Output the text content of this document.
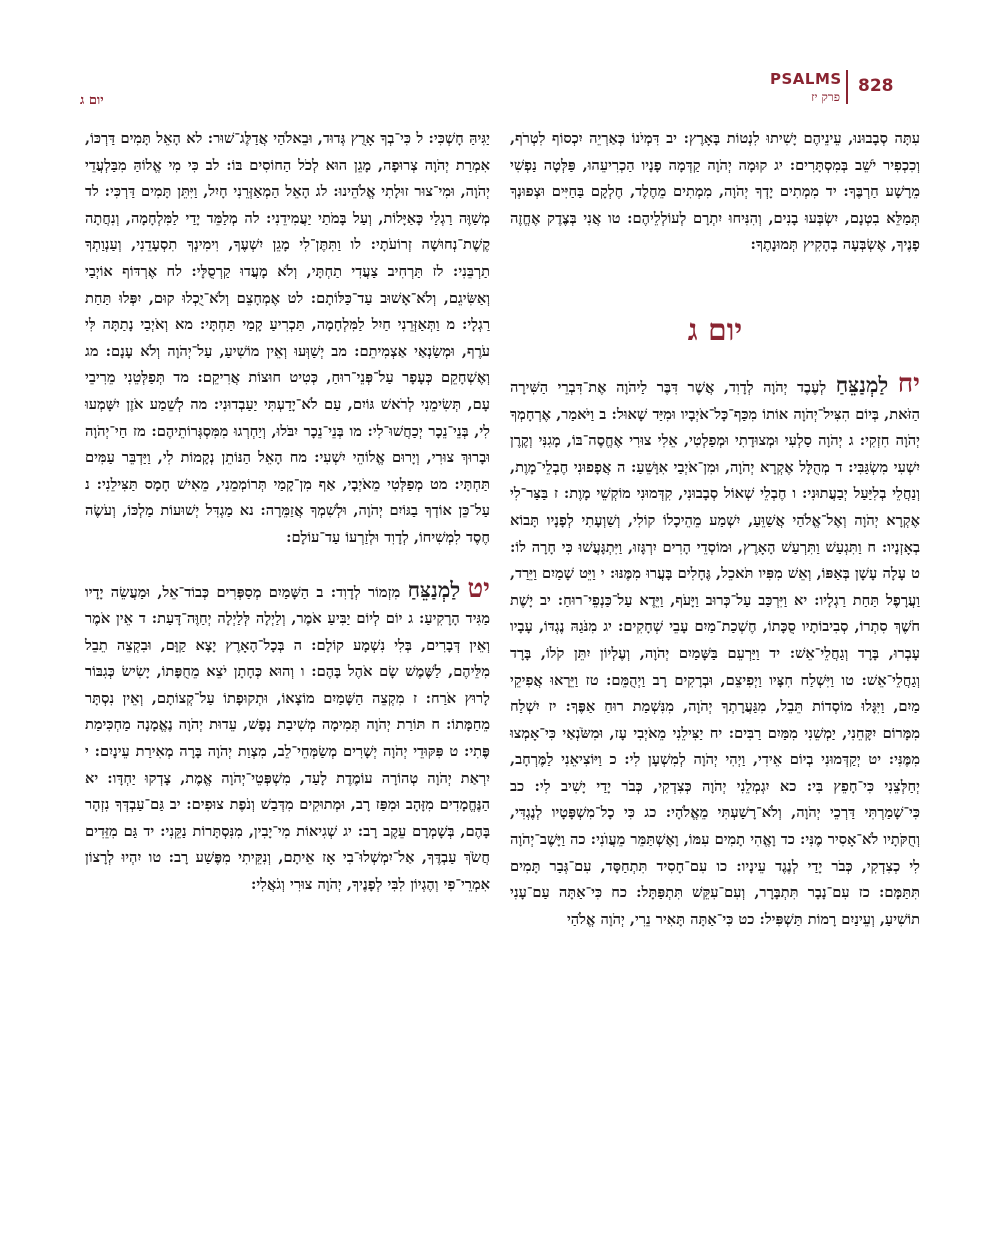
828
PSALMS
פרק יז
יום ג

עִתָּה סְבָבוּנוּ, עֵינֵיהֶם יָשִׁיתוּ לִנְטוֹת בָּאָרֶץ: יב דִּמְיֹנוֹ כְּאַרְיֵה יִכְסוֹף לִטְרֹף, וְכִכְפִיר יֹשֵׁב בְּמִסְתָּרִים: יג קוּמָה יְהֹוָה קַדְּמָה פָנָיו הַכְרִיעֵהוּ, פַּלְּטָה נַפְשִׁי מֵרָשָׁע חַרְבֶּךָ: יד מִמְתִים יָדְךָ יְהֹוָה, מִמְתִים מֵחֶלֶד, חֶלְקָם בַּחַיִּים וּצְפוּנְךָ תְּמַלֵּא בִטְנָם, יִשְׂבְּעוּ בָנִים, וְהִנִּיחוּ יִתְרָם לְעוֹלְלֵיהֶם: טו אֲנִי בְּצֶדֶק אֶחֱזֶה פָנֶיךָ, אֶשְׂבְּעָה בְהָקִיץ תְּמוּנָתֶךָ:

יום ג

יח לַמְנַצֵּחַ לְעֶבֶד יְהֹוָה לְדָוִד, אֲשֶׁר דִּבֶּר לַיהֹוָה אֶת־דִּבְרֵי הַשִּׁירָה הַזֹּאת, בְּיוֹם הִצִּיל־יְהֹוָה אוֹתוֹ מִכַּף־כָּל־אֹיְבָיו וּמִיַּד שָׁאוּל: ב וַיֹּאמַר, אֶרְחָמְךָ יְהֹוָה חִזְקִי: ג יְהֹוָה סַלְעִי וּמְצוּדָתִי וּמְפַלְטִי, אֵלִי צוּרִי אֶחֱסֶה־בּוֹ, מָגִנִּי וְקֶרֶן יִשְׁעִי מִשְׂגַּבִּי: ד מְהֻלָּל אֶקְרָא יְהֹוָה, וּמִן־אֹיְבַי אִוָּשֵׁעַ: ה אֲפָפוּנִי חֶבְלֵי־מָוֶת, וְנַחֲלֵי בְלִיַּעַל יְבַעֲתוּנִי: ו חֶבְלֵי שְׁאוֹל סְבָבוּנִי, קִדְּמוּנִי מוֹקְשֵׁי מָוֶת: ז בַּצַּר־לִי אֶקְרָא יְהֹוָה וְאֶל־אֱלֹהַי אֲשַׁוֵּעַ, יִשְׁמַע מֵהֵיכָלוֹ קוֹלִי, וְשַׁוְעָתִי לְפָנָיו תָּבוֹא בְאָזְנָיו: ח וַתִּגְעַשׁ וַתִּרְעַשׁ הָאָרֶץ, וּמוֹסְדֵי הָרִים יִרְגָּזוּ, וַיִּתְגָּעֲשׁוּ כִּי חָרָה לוֹ: ט עָלָה עָשָׁן בְּאַפּוֹ, וְאֵשׁ מִפִּיו תֹּאכֵל, גֶּחָלִים בָּעֲרוּ מִמֶּנּוּ: י וַיֵּט שָׁמַיִם וַיֵּרַד, וַעֲרָפֶל תַּחַת רַגְלָיו: יא וַיִּרְכַּב עַל־כְּרוּב וַיָּעֹף, וַיֵּדֶא עַל־כַּנְפֵי־רוּחַ: יב יָשֶׁת חֹשֶׁךְ סִתְרוֹ, סְבִיבוֹתָיו סֻכָּתוֹ, חֶשְׁכַת־מַיִם עָבֵי שְׁחָקִים: יג מִנֹּגַהּ נֶגְדּוֹ, עָבָיו עָבְרוּ, בָּרָד וְגַחֲלֵי־אֵשׁ: יד וַיַּרְעֵם בַּשָּׁמַיִם יְהֹוָה, וְעֶלְיוֹן יִתֵּן קֹלוֹ, בָּרָד וְגַחֲלֵי־אֵשׁ: טו וַיִּשְׁלַח חִצָּיו וַיְפִיצֵם, וּבְרָקִים רָב וַיְהֻמֵּם: טז וַיֵּרָאוּ אֲפִיקֵי מַיִם, וַיִּגָּלוּ מוֹסְדוֹת תֵּבֵל, מִגַּעֲרָתְךָ יְהֹוָה, מִנִּשְׁמַת רוּחַ אַפֶּךָ: יז יִשְׁלַח מִמָּרוֹם יִקָּחֵנִי, יַמְשֵׁנִי מִמַּיִם רַבִּים: יח יַצִּילֵנִי מֵאֹיְבִי עָז, וּמִשֹּׂנְאַי כִּי־אָמְצוּ מִמֶּנִּי: יט יְקַדְּמוּנִי בְיוֹם אֵידִי, וַיְהִי יְהֹוָה לְמִשְׁעָן לִי: כ וַיּוֹצִיאֵנִי לַמֶּרְחָב, יְחַלְּצֵנִי כִּי־חָפֵץ בִּי: כא יִגְמְלֵנִי יְהֹוָה כְּצִדְקִי, כְּבֹר יָדַי יָשִׁיב לִי: כב כִּי־שָׁמַרְתִּי דַּרְכֵי יְהֹוָה, וְלֹא־רָשַׁעְתִּי מֵאֱלֹהָי: כג כִּי כָל־מִשְׁפָּטָיו לְנֶגְדִּי, וְחֻקֹּתָיו לֹא־אָסִיר מֶנִּי: כד וָאֱהִי תָמִים עִמּוֹ, וָאֶשְׁתַּמֵּר מֵעֲוֺנִי: כה וַיָּשֶׁב־יְהֹוָה לִי כְצִדְקִי, כְּבֹר יָדַי לְנֶגֶד עֵינָיו: כו עִם־חָסִיד תִּתְחַסָּד, עִם־גְּבַר תָּמִים תִּתַּמָּם: כז עִם־נָבָר תִּתְבָּרָר, וְעִם־עִקֵּשׁ תִּתְפַּתָּל: כח כִּי־אַתָּה עַם־עָנִי תוֹשִׁיעַ, וְעֵינַיִם רָמוֹת תַּשְׁפִּיל: כט כִּי־אַתָּה תָּאִיר נֵרִי, יְהֹוָה אֱלֹהַי

יַגִּיהַּ חָשְׁכִּי: ל כִּי־בְךָ אָרֻץ גְּדוּד, וּבֵאלֹהַי אֲדַלֶּג־שׁוּר: לא הָאֵל תָּמִים דַּרְכּוֹ, אִמְרַת יְהֹוָה צְרוּפָה, מָגֵן הוּא לְכֹל הַחוֹסִים בּוֹ: לב כִּי מִי אֱלוֹהַּ מִבַּלְעֲדֵי יְהֹוָה, וּמִי־צוּר זוּלָתִי אֱלֹהֵינוּ: לג הָאֵל הַמְאַזְּרֵנִי חָיִל, וַיִּתֵּן תָּמִים דַּרְכִּי: לד מְשַׁוֶּה רַגְלַי כָּאַיָּלוֹת, וְעַל בָּמֹתַי יַעֲמִידֵנִי: לה מְלַמֵּד יָדַי לַמִּלְחָמָה, וְנִחֲתָה קֶשֶׁת־נְחוּשָׁה זְרוֹעֹתָי: לו וַתִּתֶּן־לִי מָגֵן יִשְׁעֶךָ, וִימִינְךָ תִסְעָדֵנִי, וְעַנְוַתְךָ תַרְבֵּנִי: לז תַּרְחִיב צַעֲדִי תַחְתָּי, וְלֹא מָעֲדוּ קַרְסֻלָּי: לח אֶרְדּוֹף אוֹיְבַי וְאַשִּׂיגֵם, וְלֹא־אָשׁוּב עַד־כַּלּוֹתָם: לט אֶמְחָצֵם וְלֹא־יֻכְלוּ קוּם, יִפְּלוּ תַּחַת רַגְלָי: מ וַתְּאַזְּרֵנִי חַיִל לַמִּלְחָמָה, תַּכְרִיעַ קָמַי תַּחְתָּי: מא וְאֹיְבַי נָתַתָּה לִּי עֹרֶף, וּמְשַׂנְאַי אַצְמִיתֵם: מב יְשַׁוְּעוּ וְאֵין מוֹשִׁיעַ, עַל־יְהֹוָה וְלֹא עָנָם: מג וְאֶשְׁחָקֵם כְּעָפָר עַל־פְּנֵי־רוּחַ, כְּטִיט חוּצוֹת אֲרִיקֵם: מד תְּפַלְּטֵנִי מֵרִיבֵי עָם, תְּשִׂימֵנִי לְרֹאשׁ גּוֹיִם, עַם לֹא־יָדַעְתִּי יַעַבְדוּנִי: מה לְשֵׁמַע אֹזֶן יִשָּׁמְעוּ לִי, בְּנֵי־נֵכָר יְכַחֲשׁוּ־לִי: מו בְּנֵי־נֵכָר יִבֹּלוּ, וְיַחְרְגוּ מִמִּסְגְּרוֹתֵיהֶם: מז חַי־יְהֹוָה וּבָרוּךְ צוּרִי, וְיָרוּם אֱלוֹהֵי יִשְׁעִי: מח הָאֵל הַנּוֹתֵן נְקָמוֹת לִי, וַיַּדְבֵּר עַמִּים תַּחְתָּי: מט מְפַלְּטִי מֵאֹיְבָי, אַף מִן־קָמַי תְּרוֹמְמֵנִי, מֵאִישׁ חָמָס תַּצִּילֵנִי: נ עַל־כֵּן אוֹדְךָ בַגּוֹיִם יְהֹוָה, וּלְשִׁמְךָ אֲזַמֵּרָה: נא מַגְדִּל יְשׁוּעוֹת מַלְכּוֹ, וְעֹשֶׂה חֶסֶד לִמְשִׁיחוֹ, לְדָוִד וּלְזַרְעוֹ עַד־עוֹלָם:

יט לַמְנַצֵּחַ מִזְמוֹר לְדָוִד: ב הַשָּׁמַיִם מְסַפְּרִים כְּבוֹד־אֵל, וּמַעֲשֵׂה יָדָיו מַגִּיד הָרָקִיעַ: ג יוֹם לְיוֹם יַבִּיעַ אֹמֶר, וְלַיְלָה לְּלַיְלָה יְחַוֶּה־דָּעַת: ד אֵין אֹמֶר וְאֵין דְּבָרִים, בְּלִי נִשְׁמָע קוֹלָם: ה בְּכָל־הָאָרֶץ יָצָא קַוָּם, וּבִקְצֵה תֵבֵל מִלֵּיהֶם, לַשֶּׁמֶשׁ שָׂם אֹהֶל בָּהֶם: ו וְהוּא כְּחָתָן יֹצֵא מֵחֻפָּתוֹ, יָשִׂישׂ כְּגִבּוֹר לָרוּץ אֹרַח: ז מִקְצֵה הַשָּׁמַיִם מוֹצָאוֹ, וּתְקוּפָתוֹ עַל־קְצוֹתָם, וְאֵין נִסְתָּר מֵחַמָּתוֹ: ח תּוֹרַת יְהֹוָה תְּמִימָה מְשִׁיבַת נָפֶשׁ, עֵדוּת יְהֹוָה נֶאֱמָנָה מַחְכִּימַת פֶּתִי: ט פִּקּוּדֵי יְהֹוָה יְשָׁרִים מְשַׂמְּחֵי־לֵב, מִצְוַת יְהֹוָה בָּרָה מְאִירַת עֵינָיִם: י יִרְאַת יְהֹוָה טְהוֹרָה עוֹמֶדֶת לָעַד, מִשְׁפְּטֵי־יְהֹוָה אֱמֶת, צָדְקוּ יַחְדָּו: יא הַנֶּחֱמָדִים מִזָּהָב וּמִפַּז רָב, וּמְתוּקִים מִדְּבַשׁ וְנֹפֶת צוּפִים: יב גַּם־עַבְדְּךָ נִזְהָר בָּהֶם, בְּשָׁמְרָם עֵקֶב רָב: יג שְׁגִיאוֹת מִי־יָבִין, מִנִּסְתָּרוֹת נַקֵּנִי: יד גַּם מִזֵּדִים חֲשֹׂךְ עַבְדֶּךָ, אַל־יִמְשְׁלוּ־בִי אָז אֵיתָם, וְנִקֵּיתִי מִפֶּשַׁע רָב: טו יִהְיוּ לְרָצוֹן אִמְרֵי־פִי וְהֶגְיוֹן לִבִּי לְפָנֶיךָ, יְהֹוָה צוּרִי וְגֹאֲלִי:
